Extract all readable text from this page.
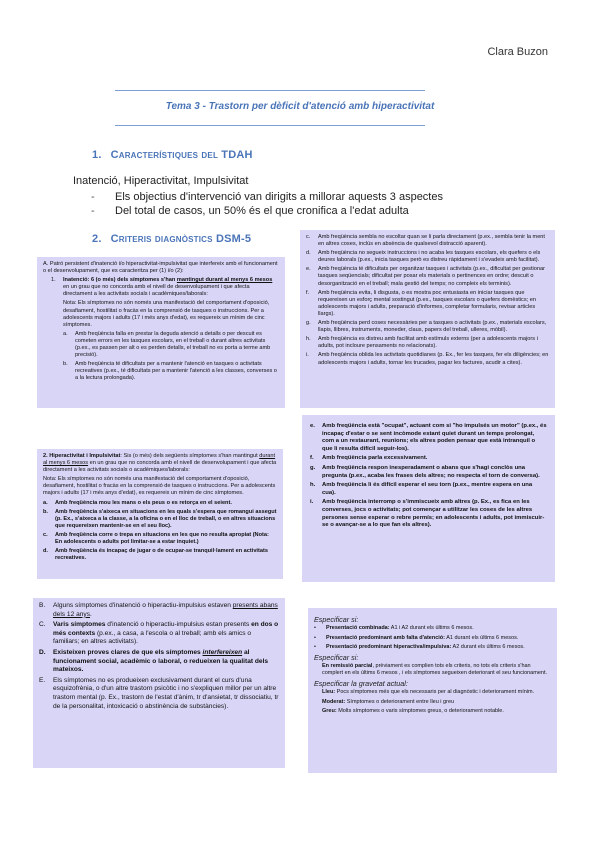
Clara Buzon
Tema 3 - Trastorn per dèficit d'atenció amb hiperactivitat
1. Característiques del TDAH
Inatenció, Hiperactivitat, Impulsivitat
- Els objectius d'intervenció van dirigits a millorar aquests 3 aspectes
- Del total de casos, un 50% és el que cronifica a l'edat adulta
2. Criteris diagnòstics DSM-5

A. Patró persistent d'inatenció i/o hiperactivitat-impulsivitat que interfereix amb el funcionament o el desenvolupament, que es caracteritza per (1) i/o (2):

1.	Inatenció: 6 (o més) dels símptomes s'han mantingut durant al menys 6 mesos en un grau que no concorda amb el nivell de desenvolupament i que afecta directament a les activitats socials i acadèmiques/laborals:

Nota: Els símptomes no són només una manifestació del comportament d'oposició, desafiament, hostilitat o fracàs en la comprensió de tasques o instruccions. Per a adolescents majors i adults (17 i més anys d'edat), es requereix un mínim de cinc símptomes.

a.	Amb freqüència falla en prestar la deguda atenció a detalls o per descuit es cometen errors en les tasques escolars, en el treball o durant altres activitats (p.ex., es passen per alt o es perden detalls, el treball no es porta a terme amb precisió).
b.	Amb freqüència té dificultats per a mantenir l'atenció en tasques o activitats recreatives (p.ex., té dificultats per a mantenir l'atenció a les classes, converses o a la lectura prolongada).
c.	Amb freqüència sembla no escoltar quan se li parla directament (p.ex., sembla tenir la ment en altres coses, inclús en absència de qualsevol distracció aparent).
d.	Amb freqüència no segueix instruccions i no acaba les tasques escolars, els quefers o els deures laborals (p.ex., inicia tasques però es distreu ràpidament i s'evadeix amb facilitat).
e.	Amb freqüència té dificultats per organitzar tasques i activitats (p.ex., dificultat per gestionar tasques seqüencials; dificultat per posar els materials o pertinences en ordre; descuit o desorganització en el treball; mala gestió del temps; no compleix els terminis).
f.	Amb freqüència evita, li disgusta, o es mostra poc entusiasta en iniciar tasques que requereixen un esforç mental sostingut (p.ex., tasques escolars o quefers domèstics; en adolescents majors i adults, preparació d'informes, completar formularis, revisar articles llargs).
g.	Amb freqüència perd coses necessàries per a tasques o activitats (p.ex., materials escolars, llapis, llibres, instruments, moneder, claus, papers del treball, ulleres, mòbil).
h.	Amb freqüència es distreu amb facilitat amb estímuls externs (per a adolescents majors i adults, pot incloure pensaments no relacionats).
i.	Amb freqüència oblida les activitats quotidianes (p. Ex., fer les tasques, fer els diligències; en adolescents majors i adults, tornar les trucades, pagar les factures, acudir a cites).

2. Hiperactivitat i Impulsivitat: Sis (o més) dels següents símptomes s'han mantingut durant al menys 6 mesos en un grau que no concorda amb el nivell de desenvolupament i que afecta directament a les activitats socials o acadèmiques/laborals:

Nota: Els símptomes no són només una manifestació del comportament d'oposició, desafiament, hostilitat o fracàs en la comprensió de tasques o instruccions. Per a adolescents majors i adults (17 i més anys d'edat), es requereix un mínim de cinc símptomes.

a.	Amb freqüència mou les mans o els peus o es retorça en el seient.
b.	Amb freqüència s'aixeca en situacions en les quals s'espera que romangui assegut (p. Ex., s'aixeca a la classe, a la oficina o en el lloc de treball, o en altres situacions que requereixen mantenir-se en el seu lloc).
c.	Amb freqüència corre o trepa en situacions en les que no resulta apropiat (Nota: En adolescents o adults pot limitar-se a estar inquiet.)
d.	Amb freqüència és incapaç de jugar o de ocupar-se tranquil·lament en activitats recreatives.
e.	Amb freqüència està "ocupat", actuant com si "ho impulsés un motor" (p.ex., és incapaç d'estar o se sent incòmode estant quiet durant un temps prolongat, com a un restaurant, reunions; els altres poden pensar que està intranquil o que li resulta difícil seguir-los).
f.	Amb freqüència parla excessivament.
g.	Amb freqüència respon inesperadament o abans que s'hagi conclòs una pregunta (p.ex., acaba les frases dels altres; no respecta el torn de conversa).
h.	Amb freqüència li és difícil esperar el seu torn (p.ex., mentre espera en una cua).
i.	Amb freqüència interromp o s'immiscueix amb altres (p. Ex., es fica en les converses, jocs o activitats; pot començar a utilitzar les coses de les altres persones sense esperar o rebre permís; en adolescents i adults, pot immiscuir-se o avançar-se a lo que fan els altres).
B.	Alguns símptomes d'inatenció o hiperactiu-impulsius estaven presents abans dels 12 anys.
C.	Varis símptomes d'inatenció o hiperactiu-impulsius estan presents en dos o més contexts (p.ex., a casa, a l'escola o al treball; amb els amics o familiars; en altres activitats).
D.	Existeixen proves clares de que els símptomes interfereixen al funcionament social, acadèmic o laboral, o redueixen la qualitat dels mateixos.
E.	Els símptomes no es produeixen exclusivament durant el curs d'una esquizofrènia, o d'un altre trastorn psicòtic i no s'expliquen millor per un altre trastorn mental (p. Ex., trastorn de l'estat d'ànim, tr d'ansietat, tr dissociatiu, tr de la personalitat, intoxicació o abstinència de substàncies).
Especificar si:
•	Presentació combinada: A1 i A2 durant els últims 6 mesos.
•	Presentació predominant amb falta d'atenció: A1 durant els últims 6 mesos.
•	Presentació predominant hiperactiva/impulsiva: A2 durant els últims 6 mesos.
Especificar si:

En remissió parcial, prèviament es complien tots els criteris, no tots els criteris s'han complert en els últims 6 mesos , i els símptomes segueixen deteriorant el seu funcionament.

Especificar la gravetat actual:

Lleu: Pocs símptomes més que els necessaris per al diagnòstic i deteriorament mínim.

Moderat: Símptomes o deteriorament entre lleu i greu

Greu: Molts símptomes o varis símptomes greus, o deteriorament notable.
